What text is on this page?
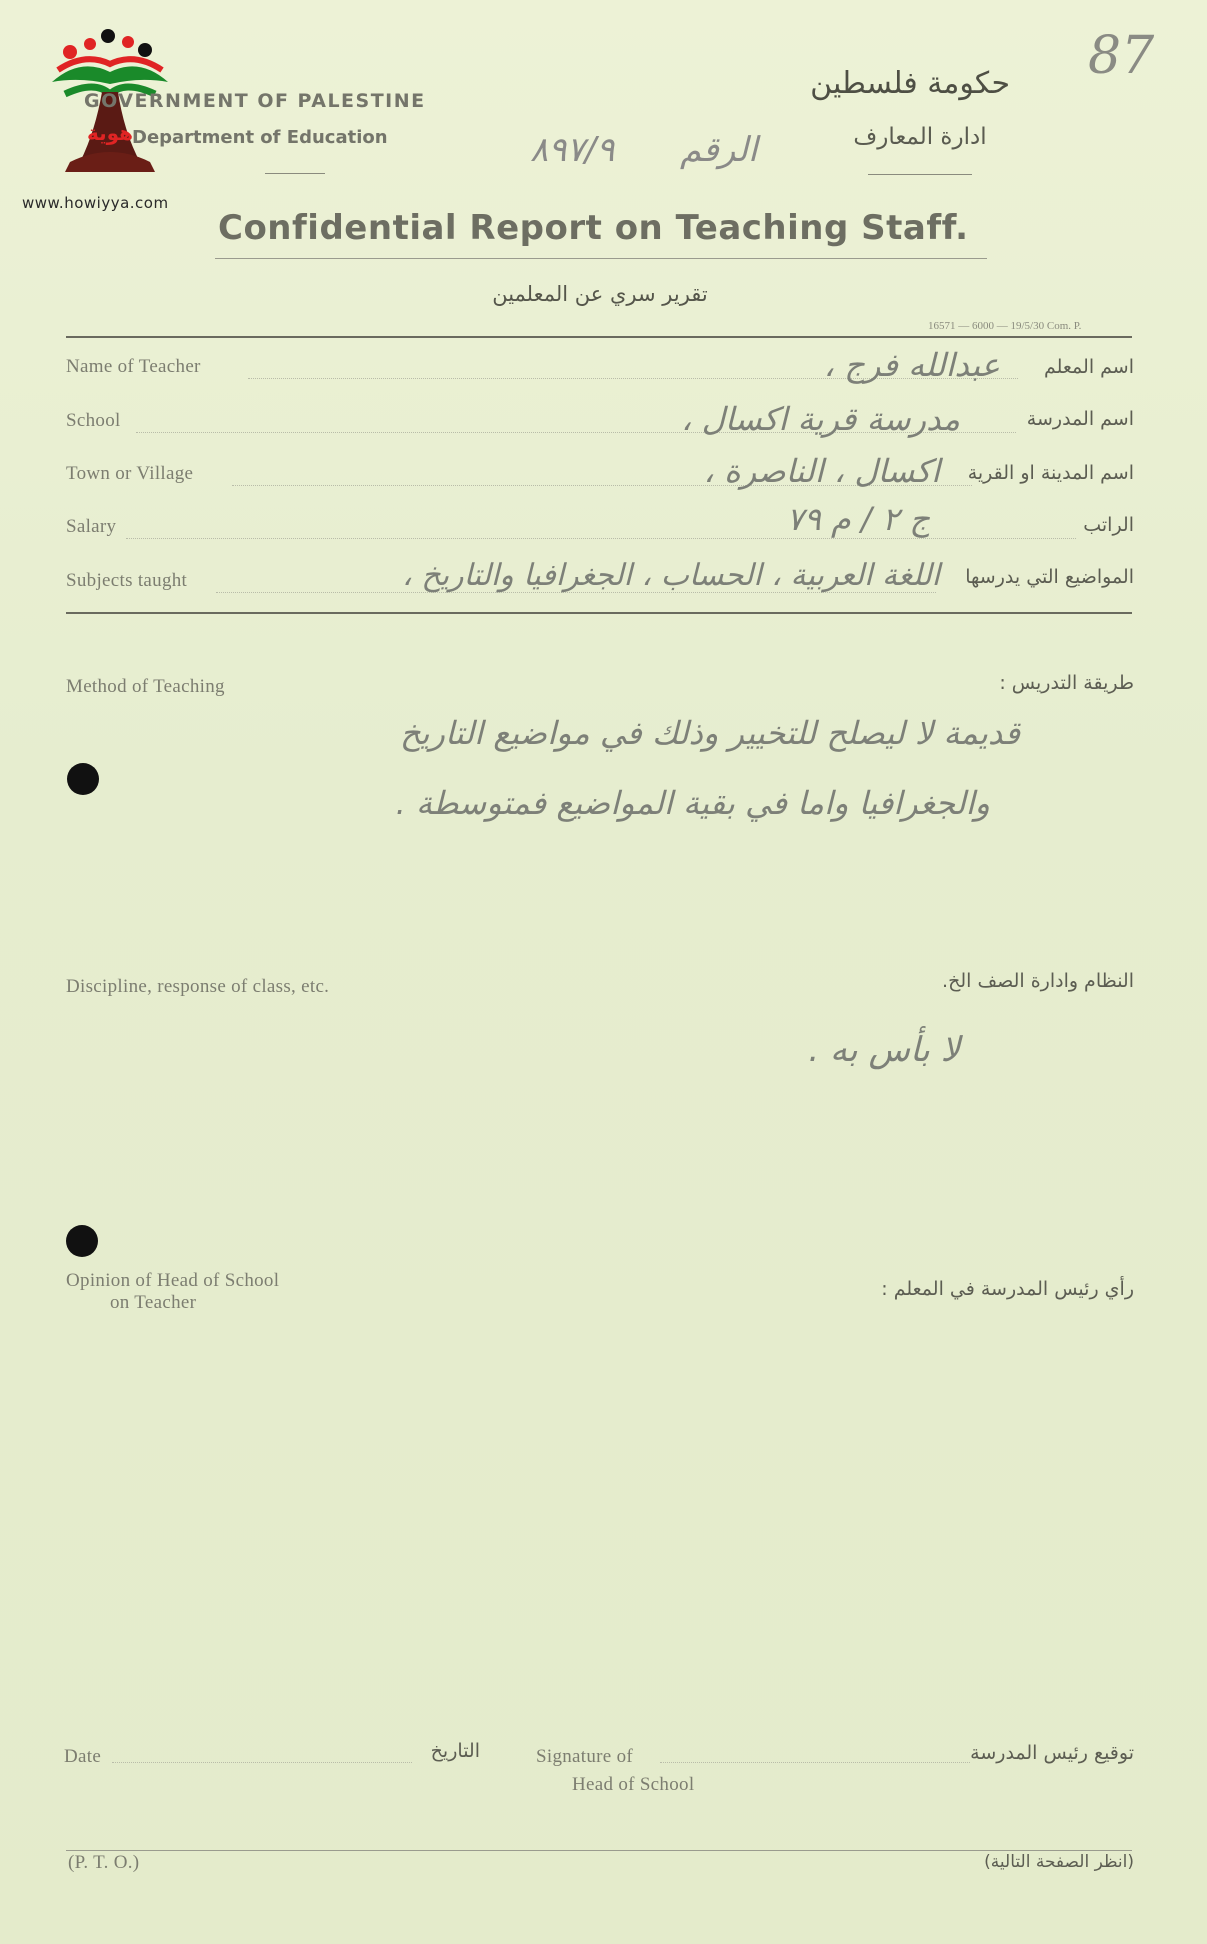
هوية
www.howiyya.com
87
GOVERNMENT OF PALESTINE
Department of Education
حكومة فلسطين
ادارة المعارف
٨٩٧/٩ الرقم
Confidential Report on Teaching Staff.
تقرير سري عن المعلمين
16571 — 6000 — 19/5/30 Com. P.
Name of Teacher	عبدالله فرج ،	اسم المعلم
School	مدرسة قرية اكسال ،	اسم المدرسة
Town or Village	اكسال ، الناصرة ،	اسم المدينة او القرية
Salary	ج ٢ / م ٧٩	الراتب
Subjects taught	اللغة العربية ، الحساب ، الجغرافيا والتاريخ ،	المواضيع التي يدرسها
Method of Teaching	طريقة التدريس :
قديمة لا ليصلح للتخيير وذلك في مواضيع التاريخ
والجغرافيا واما في بقية المواضيع فمتوسطة .
Discipline, response of class, etc.	النظام وادارة الصف الخ.
لا بأس به .
Opinion of Head of School
on Teacher
رأي رئيس المدرسة في المعلم :
Date	التاريخ	Signature of
Head of School
توقيع رئيس المدرسة
(P. T. O.)	(انظر الصفحة التالية)
